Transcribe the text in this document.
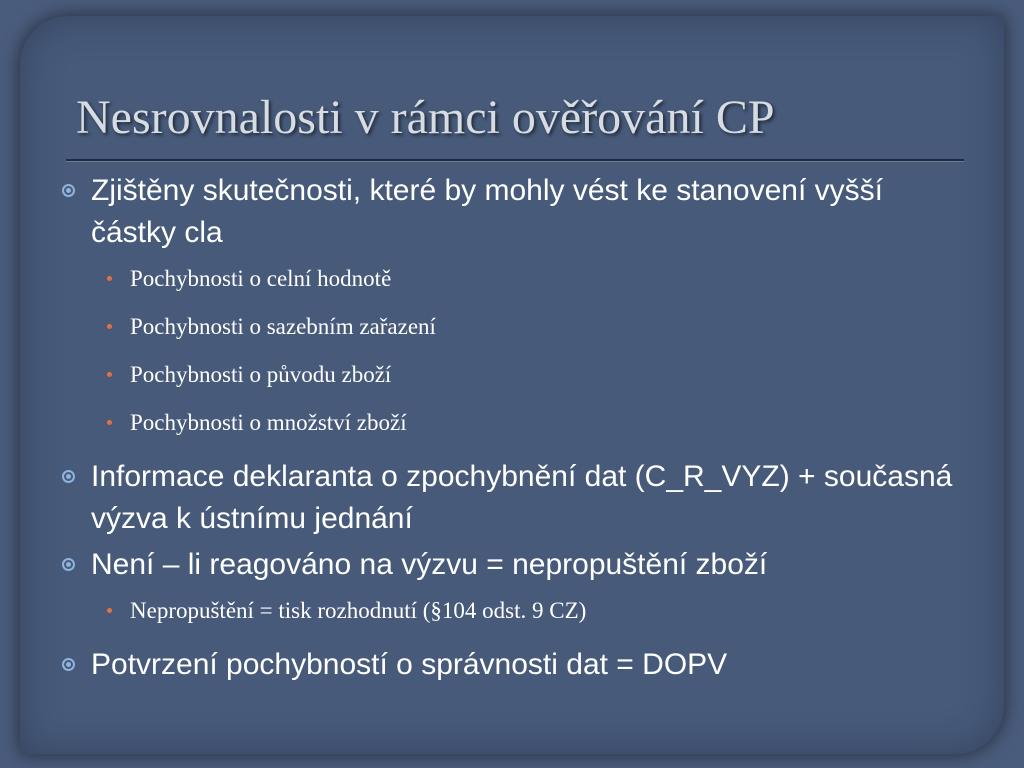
Nesrovnalosti v rámci ověřování CP
Zjištěny skutečnosti, které by mohly vést ke stanovení vyšší částky cla
Pochybnosti o celní hodnotě
Pochybnosti o sazebním zařazení
Pochybnosti o původu zboží
Pochybnosti o množství zboží
Informace deklaranta o zpochybnění dat (C_R_VYZ) + současná výzva k ústnímu jednání
Není – li reagováno na výzvu = nepropuštění zboží
Nepropuštění = tisk rozhodnutí (§104 odst. 9 CZ)
Potvrzení pochybností o správnosti dat = DOPV
